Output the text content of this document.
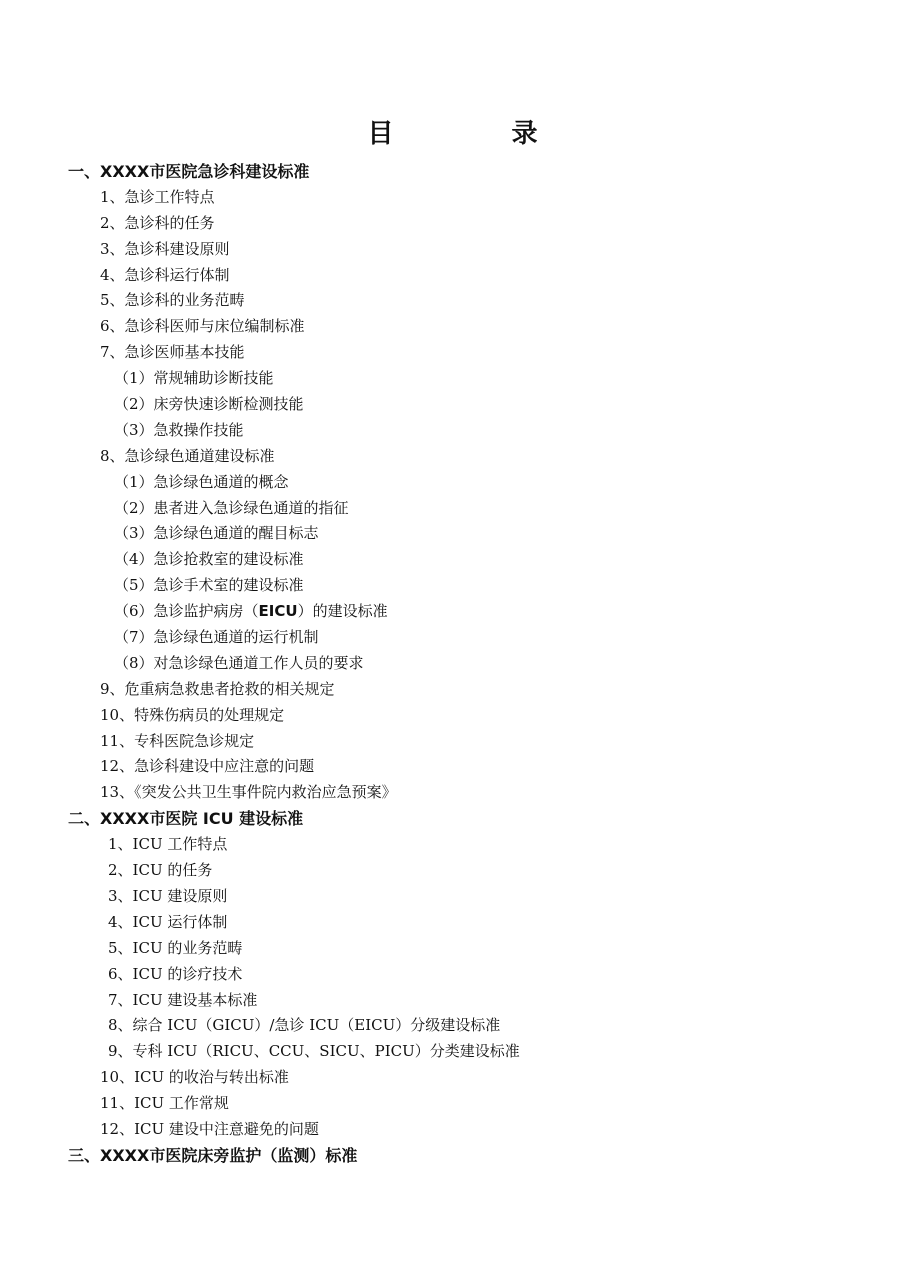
目　录
一、XXXX市医院急诊科建设标准
1、急诊工作特点
2、急诊科的任务
3、急诊科建设原则
4、急诊科运行体制
5、急诊科的业务范畴
6、急诊科医师与床位编制标准
7、急诊医师基本技能
（1）常规辅助诊断技能
（2）床旁快速诊断检测技能
（3）急救操作技能
8、急诊绿色通道建设标准
（1）急诊绿色通道的概念
（2）患者进入急诊绿色通道的指征
（3）急诊绿色通道的醒目标志
（4）急诊抢救室的建设标准
（5）急诊手术室的建设标准
（6）急诊监护病房（EICU）的建设标准
（7）急诊绿色通道的运行机制
（8）对急诊绿色通道工作人员的要求
9、危重病急救患者抢救的相关规定
10、特殊伤病员的处理规定
11、专科医院急诊规定
12、急诊科建设中应注意的问题
13、《突发公共卫生事件院内救治应急预案》
二、XXXX市医院 ICU 建设标准
1、ICU 工作特点
2、ICU 的任务
3、ICU 建设原则
4、ICU 运行体制
5、ICU 的业务范畴
6、ICU 的诊疗技术
7、ICU 建设基本标准
8、综合 ICU（GICU）/急诊 ICU（EICU）分级建设标准
9、专科 ICU（RICU、CCU、SICU、PICU）分类建设标准
10、ICU 的收治与转出标准
11、ICU 工作常规
12、ICU 建设中注意避免的问题
三、XXXX市医院床旁监护（监测）标准
